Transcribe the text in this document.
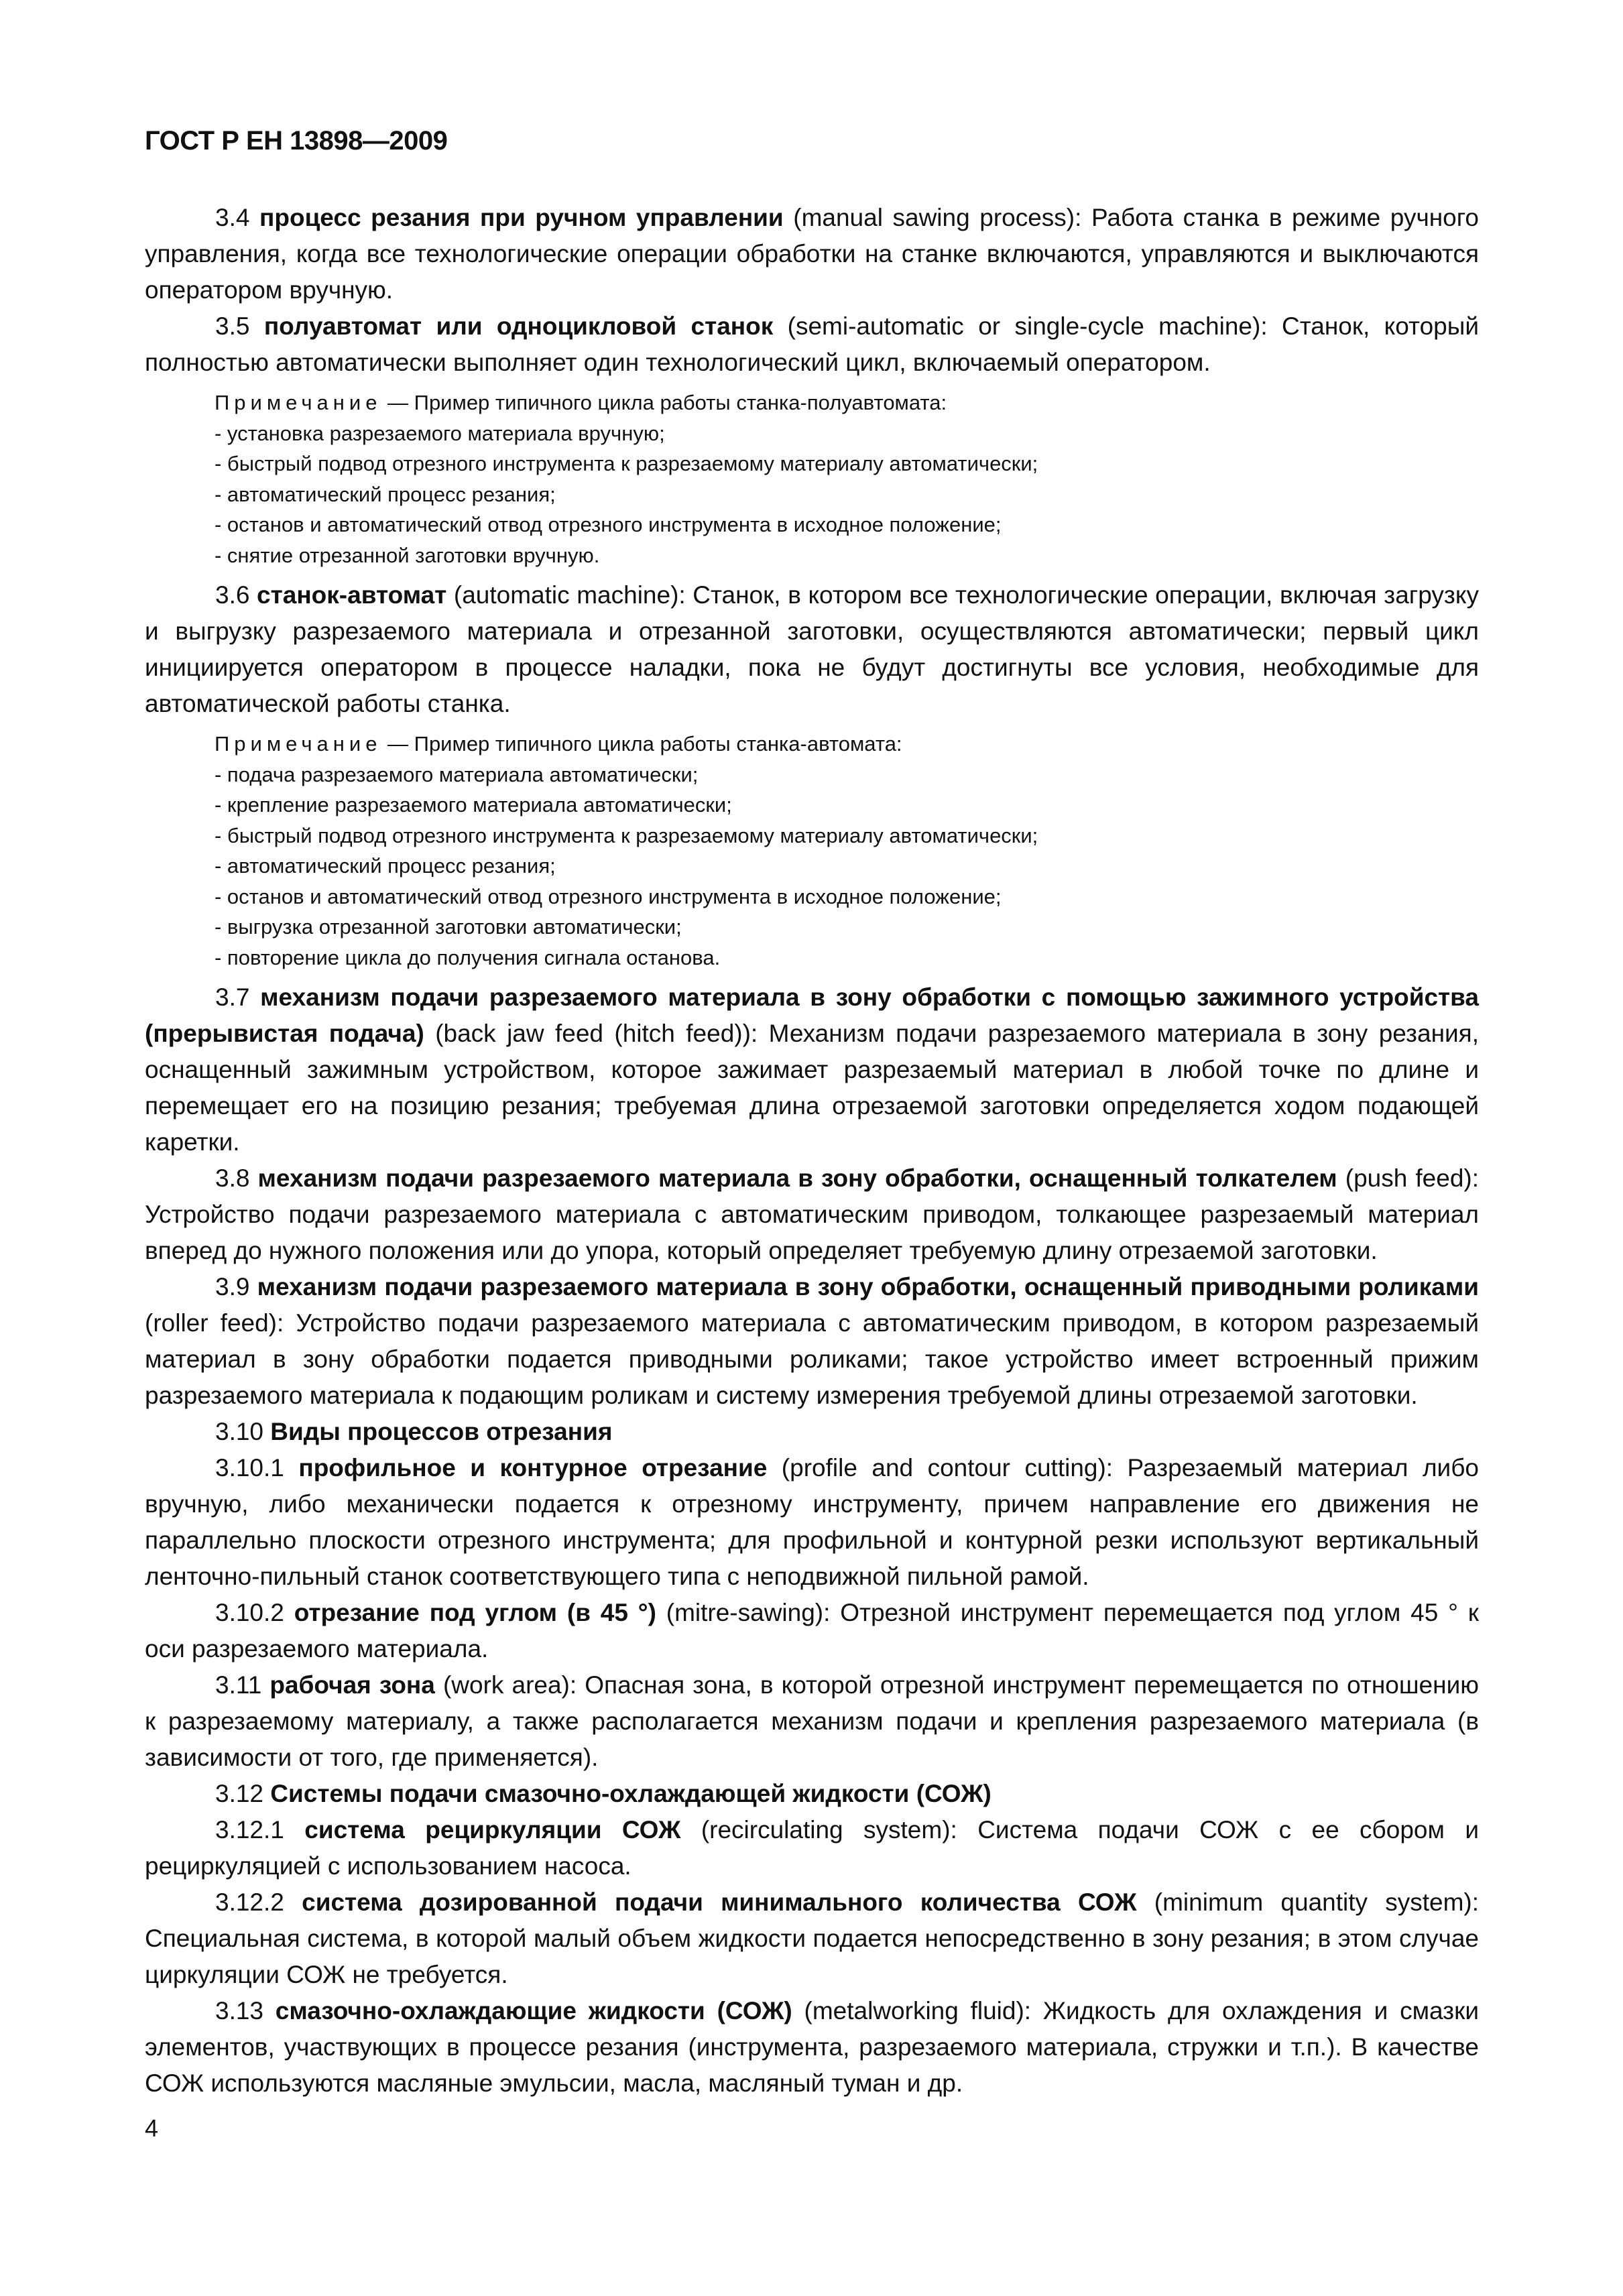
ГОСТ Р ЕН 13898—2009

3.4 процесс резания при ручном управлении (manual sawing process): Работа станка в режиме ручного управления, когда все технологические операции обработки на станке включаются, управляются и выключаются оператором вручную.

3.5 полуавтомат или одноцикловой станок (semi-automatic or single-cycle machine): Станок, который полностью автоматически выполняет один технологический цикл, включаемый оператором.

Примечание — Пример типичного цикла работы станка-полуавтомата:
- установка разрезаемого материала вручную;
- быстрый подвод отрезного инструмента к разрезаемому материалу автоматически;
- автоматический процесс резания;
- останов и автоматический отвод отрезного инструмента в исходное положение;
- снятие отрезанной заготовки вручную.

3.6 станок-автомат (automatic machine): Станок, в котором все технологические операции, включая загрузку и выгрузку разрезаемого материала и отрезанной заготовки, осуществляются автоматически; первый цикл инициируется оператором в процессе наладки, пока не будут достигнуты все условия, необходимые для автоматической работы станка.

Примечание — Пример типичного цикла работы станка-автомата:
- подача разрезаемого материала автоматически;
- крепление разрезаемого материала автоматически;
- быстрый подвод отрезного инструмента к разрезаемому материалу автоматически;
- автоматический процесс резания;
- останов и автоматический отвод отрезного инструмента в исходное положение;
- выгрузка отрезанной заготовки автоматически;
- повторение цикла до получения сигнала останова.

3.7 механизм подачи разрезаемого материала в зону обработки с помощью зажимного устройства (прерывистая подача) (back jaw feed (hitch feed)): Механизм подачи разрезаемого материала в зону резания, оснащенный зажимным устройством, которое зажимает разрезаемый материал в любой точке по длине и перемещает его на позицию резания; требуемая длина отрезаемой заготовки определяется ходом подающей каретки.

3.8 механизм подачи разрезаемого материала в зону обработки, оснащенный толкателем (push feed): Устройство подачи разрезаемого материала с автоматическим приводом, толкающее разрезаемый материал вперед до нужного положения или до упора, который определяет требуемую длину отрезаемой заготовки.

3.9 механизм подачи разрезаемого материала в зону обработки, оснащенный приводными роликами (roller feed): Устройство подачи разрезаемого материала с автоматическим приводом, в котором разрезаемый материал в зону обработки подается приводными роликами; такое устройство имеет встроенный прижим разрезаемого материала к подающим роликам и систему измерения требуемой длины отрезаемой заготовки.

3.10 Виды процессов отрезания

3.10.1 профильное и контурное отрезание (profile and contour cutting): Разрезаемый материал либо вручную, либо механически подается к отрезному инструменту, причем направление его движения не параллельно плоскости отрезного инструмента; для профильной и контурной резки используют вертикальный ленточно-пильный станок соответствующего типа с неподвижной пильной рамой.

3.10.2 отрезание под углом (в 45 °) (mitre-sawing): Отрезной инструмент перемещается под углом 45 ° к оси разрезаемого материала.

3.11 рабочая зона (work area): Опасная зона, в которой отрезной инструмент перемещается по отношению к разрезаемому материалу, а также располагается механизм подачи и крепления разрезаемого материала (в зависимости от того, где применяется).

3.12 Системы подачи смазочно-охлаждающей жидкости (СОЖ)

3.12.1 система рециркуляции СОЖ (recirculating system): Система подачи СОЖ с ее сбором и рециркуляцией с использованием насоса.

3.12.2 система дозированной подачи минимального количества СОЖ (minimum quantity system): Специальная система, в которой малый объем жидкости подается непосредственно в зону резания; в этом случае циркуляции СОЖ не требуется.

3.13 смазочно-охлаждающие жидкости (СОЖ) (metalworking fluid): Жидкость для охлаждения и смазки элементов, участвующих в процессе резания (инструмента, разрезаемого материала, стружки и т.п.). В качестве СОЖ используются масляные эмульсии, масла, масляный туман и др.

4
